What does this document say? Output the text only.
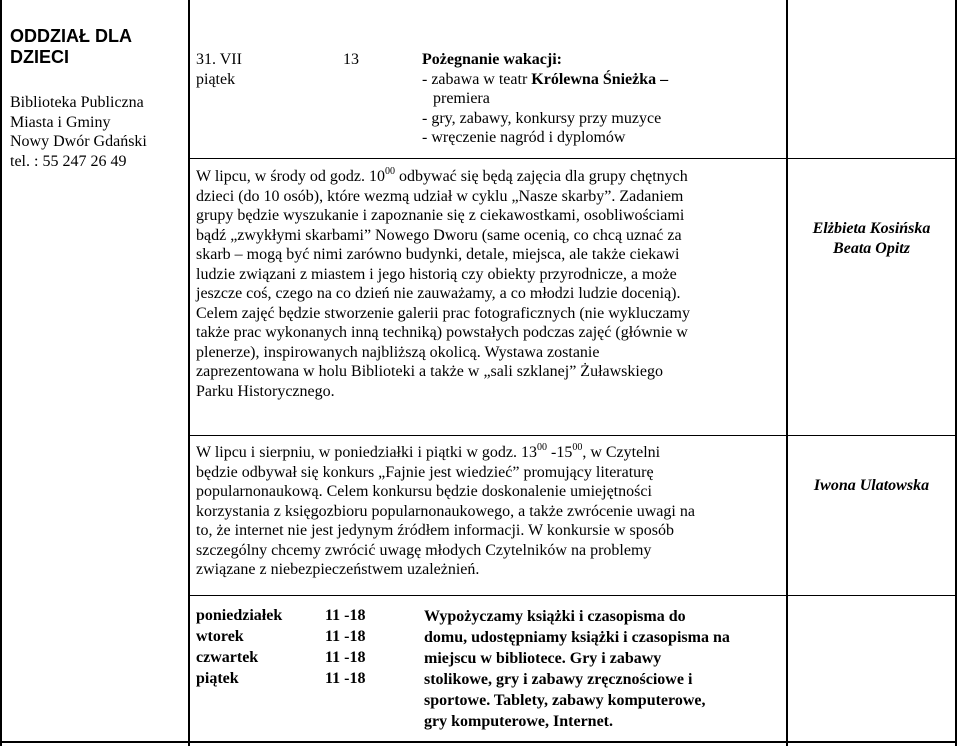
ODDZIAŁ DLA
DZIECI
Biblioteka Publiczna
Miasta i Gminy
Nowy Dwór Gdański
tel. : 55 247 26 49
31. VII
piątek
13	Pożegnanie wakacji:
- zabawa w teatr Królewna Śnieżka –
premiera
- gry, zabawy, konkursy przy muzyce
- wręczenie nagród i dyplomów
W lipcu, w środy od godz. $10^{00}$ odbywać się będą zajęcia dla grupy chętnych
dzieci (do 10 osób), które wezmą udział w cyklu „Nasze skarby”. Zadaniem
grupy będzie wyszukanie i zapoznanie się z ciekawostkami, osobliwościami
bądź „zwykłymi skarbami” Nowego Dworu (same ocenią, co chcą uznać za
skarb – mogą być nimi zarówno budynki, detale, miejsca, ale także ciekawi
ludzie związani z miastem i jego historią czy obiekty przyrodnicze, a może
jeszcze coś, czego na co dzień nie zauważamy, a co młodzi ludzie docenią).
Celem zajęć będzie stworzenie galerii prac fotograficznych (nie wykluczamy
także prac wykonanych inną techniką) powstałych podczas zajęć (głównie w
plenerze), inspirowanych najbliższą okolicą. Wystawa zostanie
zaprezentowana w holu Biblioteki a także w „sali szklanej” Żuławskiego
Parku Historycznego.
Elżbieta Kosińska
Beata Opitz
W lipcu i sierpniu, w poniedziałki i piątki w godz. $13^{00}$ $-15^{00}$, w Czytelni
będzie odbywał się konkurs „Fajnie jest wiedzieć” promujący literaturę
popularnonaukową. Celem konkursu będzie doskonalenie umiejętności
korzystania z księgozbioru popularnonaukowego, a także zwrócenie uwagi na
to, że internet nie jest jedynym źródłem informacji. W konkursie w sposób
szczególny chcemy zwrócić uwagę młodych Czytelników na problemy
związane z niebezpieczeństwem uzależnień.
Iwona Ulatowska
poniedziałek
wtorek
czwartek
piątek
11 -18
11 -18
11 -18
11 -18
Wypożyczamy książki i czasopisma do
domu, udostępniamy książki i czasopisma na
miejscu w bibliotece. Gry i zabawy
stolikowe, gry i zabawy zręcznościowe i
sportowe. Tablety, zabawy komputerowe,
gry komputerowe, Internet.
